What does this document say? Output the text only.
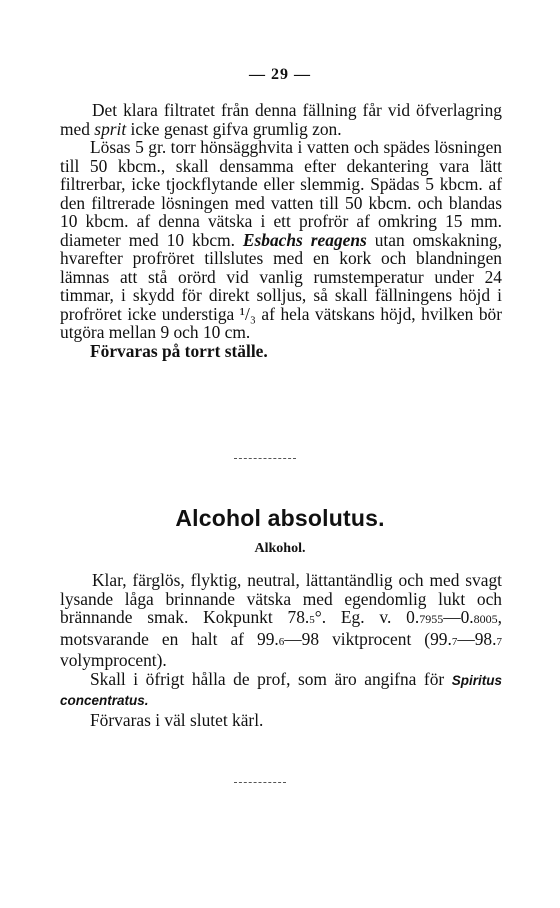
— 29 —

Det klara filtratet från denna fällning får vid öfverlagring med sprit icke genast gifva grumlig zon.

Lösas 5 gr. torr hönsägghvita i vatten och spädes lösningen till 50 kbcm., skall densamma efter dekantering vara lätt filtrerbar, icke tjockflytande eller slemmig. Spädas 5 kbcm. af den filtrerade lösningen med vatten till 50 kbcm. och blandas 10 kbcm. af denna vätska i ett profrör af omkring 15 mm. diameter med 10 kbcm. Esbachs reagens utan omskakning, hvarefter profröret tillslutes med en kork och blandningen lämnas att stå orörd vid vanlig rumstemperatur under 24 timmar, i skydd för direkt solljus, så skall fällningens höjd i profröret icke understiga ¹/₃ af hela vätskans höjd, hvilken bör utgöra mellan 9 och 10 cm.

Förvaras på torrt ställe.

Alcohol absolutus.
Alkohol.

Klar, färglös, flyktig, neutral, lättantändlig och med svagt lysande låga brinnande vätska med egendomlig lukt och brännande smak. Kokpunkt 78.5°. Eg. v. 0.7955—0.8005, motsvarande en halt af 99.6—98 viktprocent (99.7—98.7 volymprocent).

Skall i öfrigt hålla de prof, som äro angifna för Spiritus concentratus.

Förvaras i väl slutet kärl.
